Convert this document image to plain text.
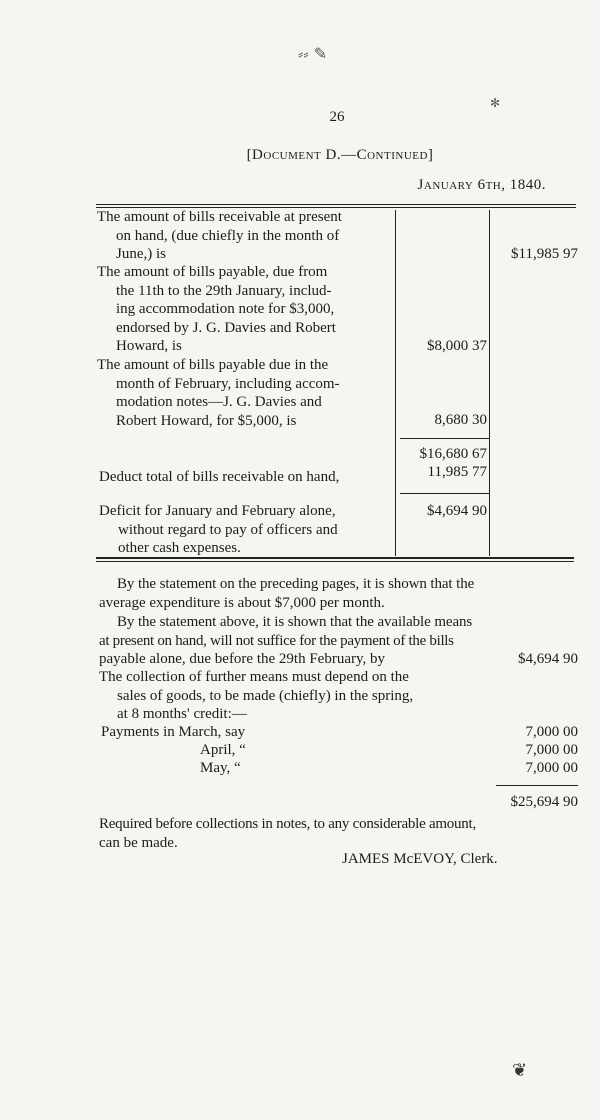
⸗⸗ ✎
✻
❦
26
[Document D.—Continued]
January 6th, 1840.
The amount of bills receivable at present
on hand, (due chiefly in the month of
June,) is	$11,985 97
The amount of bills payable, due from
the 11th to the 29th January, includ-
ing accommodation note for $3,000,
endorsed by J. G. Davies and Robert
Howard, is	$8,000 37
The amount of bills payable due in the
month of February, including accom-
modation notes—J. G. Davies and
Robert Howard, for $5,000, is	8,680 30
$16,680 67
Deduct total of bills receivable on hand,	11,985 77
Deficit for January and February alone,
without regard to pay of officers and
other cash expenses.
$4,694 90
By the statement on the preceding pages, it is shown that the
average expenditure is about $7,000 per month.
By the statement above, it is shown that the available means
at present on hand, will not suffice for the payment of the bills
payable alone, due before the 29th February, by	$4,694 90
The collection of further means must depend on the
sales of goods, to be made (chiefly) in the spring,
at 8 months' credit:—
Payments in March, say	7,000 00
April, “	7,000 00
May, “	7,000 00
$25,694 90
Required before collections in notes, to any considerable amount,
can be made.
JAMES McEVOY, Clerk.
